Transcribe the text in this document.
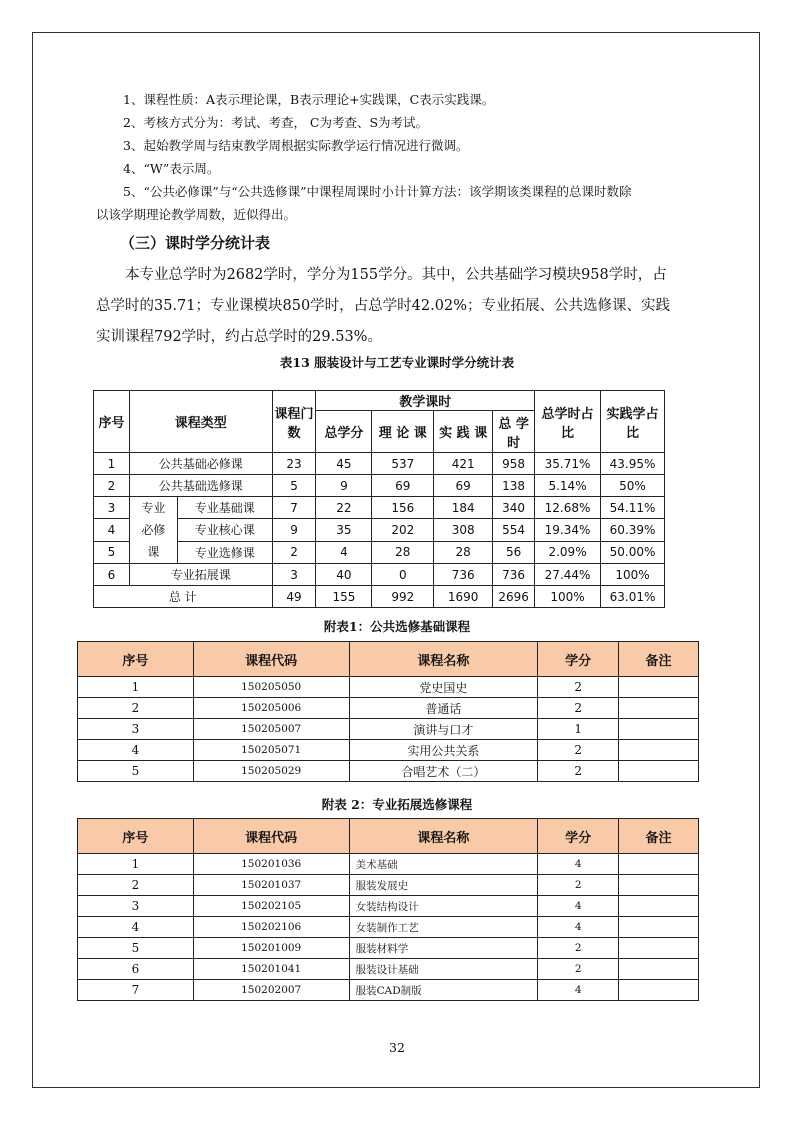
1、课程性质：A表示理论课，B表示理论+实践课，C表示实践课。

2、考核方式分为：考试、考查， C为考查、S为考试。

3、起始教学周与结束教学周根据实际教学运行情况进行微调。

4、“W”表示周。

5、“公共必修课”与“公共选修课”中课程周课时小计计算方法：该学期该类课程的总课时数除

以该学期理论教学周数，近似得出。

（三）课时学分统计表

本专业总学时为2682学时，学分为155学分。其中，公共基础学习模块958学时，占

总学时的35.71；专业课模块850学时，占总学时42.02%；专业拓展、公共选修课、实践

实训课程792学时，约占总学时的29.53%。

表13 服装设计与工艺专业课时学分统计表
序号	课程类型		课程门数	教学课时				总学时占比	实践学占比
				总学分	理 论 课	实 践 课	总 学 时		
1	公共基础必修课		23	45	537	421	958	35.71%	43.95%
2	公共基础选修课		5	9	69	69	138	5.14%	50%
3	专业必修课	专业基础课	7	22	156	184	340	12.68%	54.11%
4		专业核心课	9	35	202	308	554	19.34%	60.39%
5		专业选修课	2	4	28	28	56	2.09%	50.00%
6	专业拓展课		3	40	0	736	736	27.44%	100%
总 计			49	155	992	1690	2696	100%	63.01%
附表1：公共选修基础课程
序号	课程代码	课程名称	学分	备注
1	150205050	党史国史	2	
2	150205006	普通话	2	
3	150205007	演讲与口才	1	
4	150205071	实用公共关系	2	
5	150205029	合唱艺术（二）	2	
附表 2：专业拓展选修课程
序号	课程代码	课程名称	学分	备注
1	150201036	美术基础	4	
2	150201037	服装发展史	2	
3	150202105	女装结构设计	4	
4	150202106	女装制作工艺	4	
5	150201009	服装材料学	2	
6	150201041	服装设计基础	2	
7	150202007	服装CAD制版	4	
32
